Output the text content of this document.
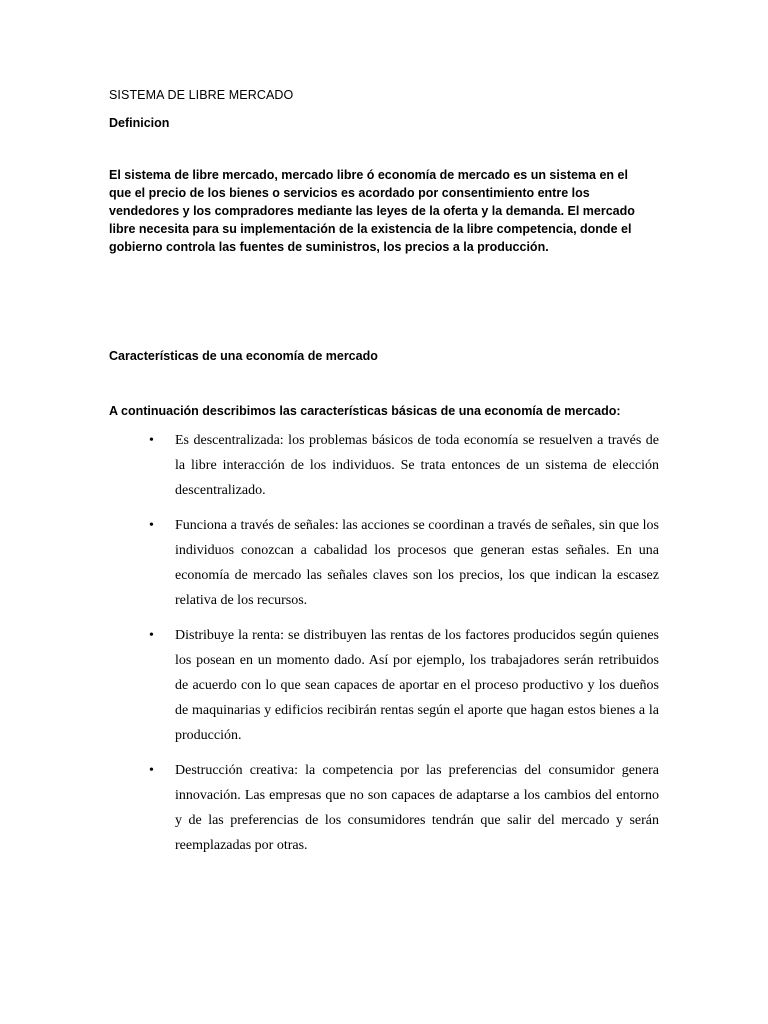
SISTEMA DE LIBRE MERCADO
Definicion

El sistema de libre mercado, mercado libre ó economía de mercado es un sistema en el que el precio de los bienes o servicios es acordado por consentimiento entre los vendedores y los compradores mediante las leyes de la oferta y la demanda. El mercado libre necesita para su implementación de la existencia de la libre competencia, donde el gobierno controla las fuentes de suministros, los precios a la producción.

Características de una economía de mercado
A continuación describimos las características básicas de una economía de mercado:
•	Es descentralizada: los problemas básicos de toda economía se resuelven a través de la libre interacción de los individuos. Se trata entonces de un sistema de elección descentralizado.
•	Funciona a través de señales: las acciones se coordinan a través de señales, sin que los individuos conozcan a cabalidad los procesos que generan estas señales. En una economía de mercado las señales claves son los precios, los que indican la escasez relativa de los recursos.
•	Distribuye la renta: se distribuyen las rentas de los factores producidos según quienes los posean en un momento dado. Así por ejemplo, los trabajadores serán retribuidos de acuerdo con lo que sean capaces de aportar en el proceso productivo y los dueños de maquinarias y edificios recibirán rentas según el aporte que hagan estos bienes a la producción.
•	Destrucción creativa: la competencia por las preferencias del consumidor genera innovación. Las empresas que no son capaces de adaptarse a los cambios del entorno y de las preferencias de los consumidores tendrán que salir del mercado y serán reemplazadas por otras.
